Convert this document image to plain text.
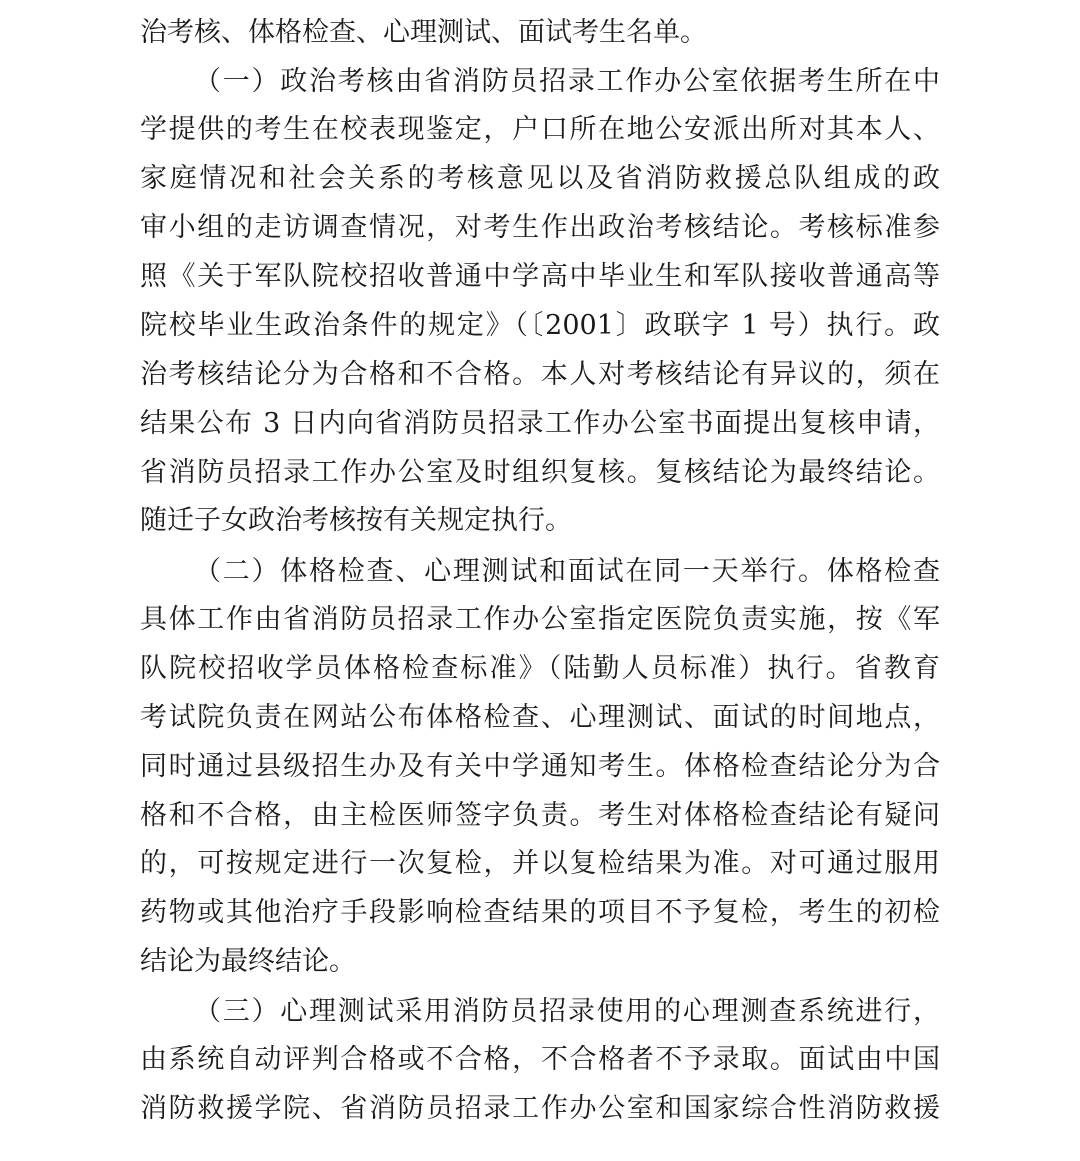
治考核、体格检查、心理测试、面试考生名单。
（一）政治考核由省消防员招录工作办公室依据考生所在中
学提供的考生在校表现鉴定，户口所在地公安派出所对其本人、
家庭情况和社会关系的考核意见以及省消防救援总队组成的政
审小组的走访调查情况，对考生作出政治考核结论。考核标准参
照《关于军队院校招收普通中学高中毕业生和军队接收普通高等
院校毕业生政治条件的规定》（〔2001〕政联字 1 号）执行。政
治考核结论分为合格和不合格。本人对考核结论有异议的，须在
结果公布 3 日内向省消防员招录工作办公室书面提出复核申请，
省消防员招录工作办公室及时组织复核。复核结论为最终结论。
随迁子女政治考核按有关规定执行。
（二）体格检查、心理测试和面试在同一天举行。体格检查
具体工作由省消防员招录工作办公室指定医院负责实施，按《军
队院校招收学员体格检查标准》（陆勤人员标准）执行。省教育
考试院负责在网站公布体格检查、心理测试、面试的时间地点，
同时通过县级招生办及有关中学通知考生。体格检查结论分为合
格和不合格，由主检医师签字负责。考生对体格检查结论有疑问
的，可按规定进行一次复检，并以复检结果为准。对可通过服用
药物或其他治疗手段影响检查结果的项目不予复检，考生的初检
结论为最终结论。
（三）心理测试采用消防员招录使用的心理测查系统进行，
由系统自动评判合格或不合格，不合格者不予录取。面试由中国
消防救援学院、省消防员招录工作办公室和国家综合性消防救援
